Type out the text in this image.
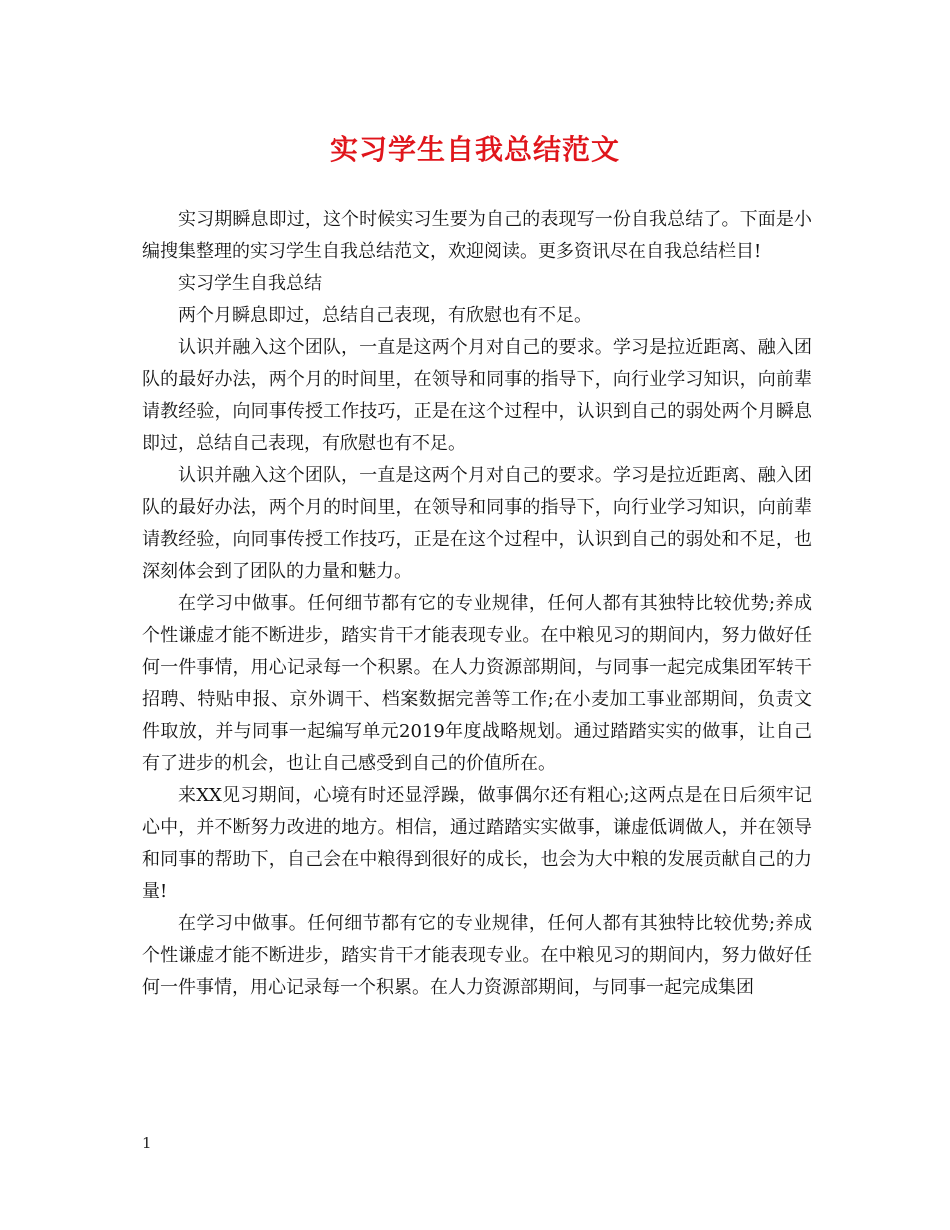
实习学生自我总结范文

实习期瞬息即过，这个时候实习生要为自己的表现写一份自我总结了。下面是小编搜集整理的实习学生自我总结范文，欢迎阅读。更多资讯尽在自我总结栏目!

实习学生自我总结

两个月瞬息即过，总结自己表现，有欣慰也有不足。

认识并融入这个团队，一直是这两个月对自己的要求。学习是拉近距离、融入团队的最好办法，两个月的时间里，在领导和同事的指导下，向行业学习知识，向前辈请教经验，向同事传授工作技巧，正是在这个过程中，认识到自己的弱处两个月瞬息即过，总结自己表现，有欣慰也有不足。

认识并融入这个团队，一直是这两个月对自己的要求。学习是拉近距离、融入团队的最好办法，两个月的时间里，在领导和同事的指导下，向行业学习知识，向前辈请教经验，向同事传授工作技巧，正是在这个过程中，认识到自己的弱处和不足，也深刻体会到了团队的力量和魅力。

在学习中做事。任何细节都有它的专业规律，任何人都有其独特比较优势;养成个性谦虚才能不断进步，踏实肯干才能表现专业。在中粮见习的期间内，努力做好任何一件事情，用心记录每一个积累。在人力资源部期间，与同事一起完成集团军转干招聘、特贴申报、京外调干、档案数据完善等工作;在小麦加工事业部期间，负责文件取放，并与同事一起编写单元2019年度战略规划。通过踏踏实实的做事，让自己有了进步的机会，也让自己感受到自己的价值所在。

来XX见习期间，心境有时还显浮躁，做事偶尔还有粗心;这两点是在日后须牢记心中，并不断努力改进的地方。相信，通过踏踏实实做事，谦虚低调做人，并在领导和同事的帮助下，自己会在中粮得到很好的成长，也会为大中粮的发展贡献自己的力量!

在学习中做事。任何细节都有它的专业规律，任何人都有其独特比较优势;养成个性谦虚才能不断进步，踏实肯干才能表现专业。在中粮见习的期间内，努力做好任何一件事情，用心记录每一个积累。在人力资源部期间，与同事一起完成集团

1
